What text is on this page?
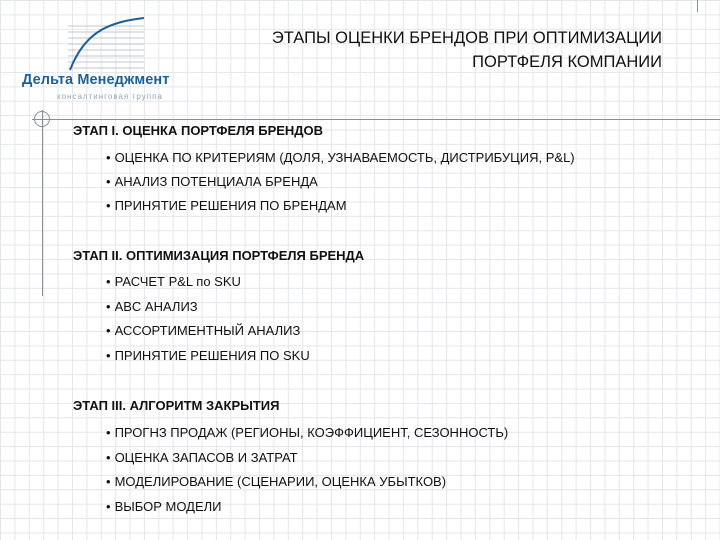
Дельта Менеджмент
консалтинговая группа
ЭТАПЫ ОЦЕНКИ БРЕНДОВ ПРИ ОПТИМИЗАЦИИ
ПОРТФЕЛЯ КОМПАНИИ
ЭТАП I. ОЦЕНКА ПОРТФЕЛЯ БРЕНДОВ
• ОЦЕНКА ПО КРИТЕРИЯМ (ДОЛЯ, УЗНАВАЕМОСТЬ, ДИСТРИБУЦИЯ, P&L)
• АНАЛИЗ ПОТЕНЦИАЛА БРЕНДА
• ПРИНЯТИЕ РЕШЕНИЯ ПО БРЕНДАМ
ЭТАП II. ОПТИМИЗАЦИЯ ПОРТФЕЛЯ БРЕНДА
• РАСЧЕТ P&L по SKU
• ABC АНАЛИЗ
• АССОРТИМЕНТНЫЙ АНАЛИЗ
• ПРИНЯТИЕ РЕШЕНИЯ ПО SKU
ЭТАП III. АЛГОРИТМ ЗАКРЫТИЯ
• ПРОГНЗ ПРОДАЖ (РЕГИОНЫ, КОЭФФИЦИЕНТ, СЕЗОННОСТЬ)
• ОЦЕНКА ЗАПАСОВ И ЗАТРАТ
• МОДЕЛИРОВАНИЕ (СЦЕНАРИИ, ОЦЕНКА УБЫТКОВ)
• ВЫБОР МОДЕЛИ
